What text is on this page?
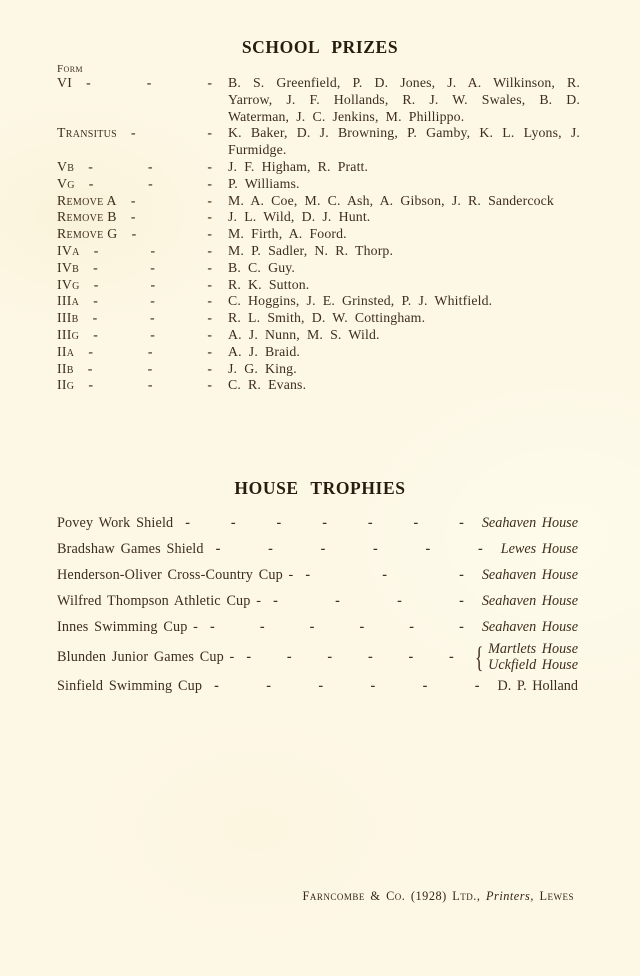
SCHOOL PRIZES
Form
VI	- - -	B. S. Greenfield, P. D. Jones, J. A. Wilkinson, R. Yarrow, J. F. Hollands, R. J. W. Swales, B. D. Waterman, J. C. Jenkins, M. Phillippo.
Transitus	- -	K. Baker, D. J. Browning, P. Gamby, K. L. Lyons, J. Furmidge.
Vb	- - -	J. F. Higham, R. Pratt.
Vg	- - -	P. Williams.
Remove A	- -	M. A. Coe, M. C. Ash, A. Gibson, J. R. Sandercock
Remove B	- -	J. L. Wild, D. J. Hunt.
Remove G	- -	M. Firth, A. Foord.
IVa	- - -	M. P. Sadler, N. R. Thorp.
IVb	- - -	B. C. Guy.
IVg	- - -	R. K. Sutton.
IIIa	- - -	C. Hoggins, J. E. Grinsted, P. J. Whitfield.
IIIb	- - -	R. L. Smith, D. W. Cottingham.
IIIg	- - -	A. J. Nunn, M. S. Wild.
IIa	- - -	A. J. Braid.
IIb	- - -	J. G. King.
IIg	- - -	C. R. Evans.
HOUSE TROPHIES
Povey Work Shield - - - - - - -	Seahaven House
Bradshaw Games Shield - - - - - -	Lewes House
Henderson-Oliver Cross-Country Cup - - - -	Seahaven House
Wilfred Thompson Athletic Cup - - - - -	Seahaven House
Innes Swimming Cup - - - - - - -	Seahaven House
Blunden Junior Games Cup - - - - - - - { Martlets House
Uckfield House
Sinfield Swimming Cup - - - - - -	D. P. Holland
Farncombe & Co. (1928) Ltd., Printers, Lewes
